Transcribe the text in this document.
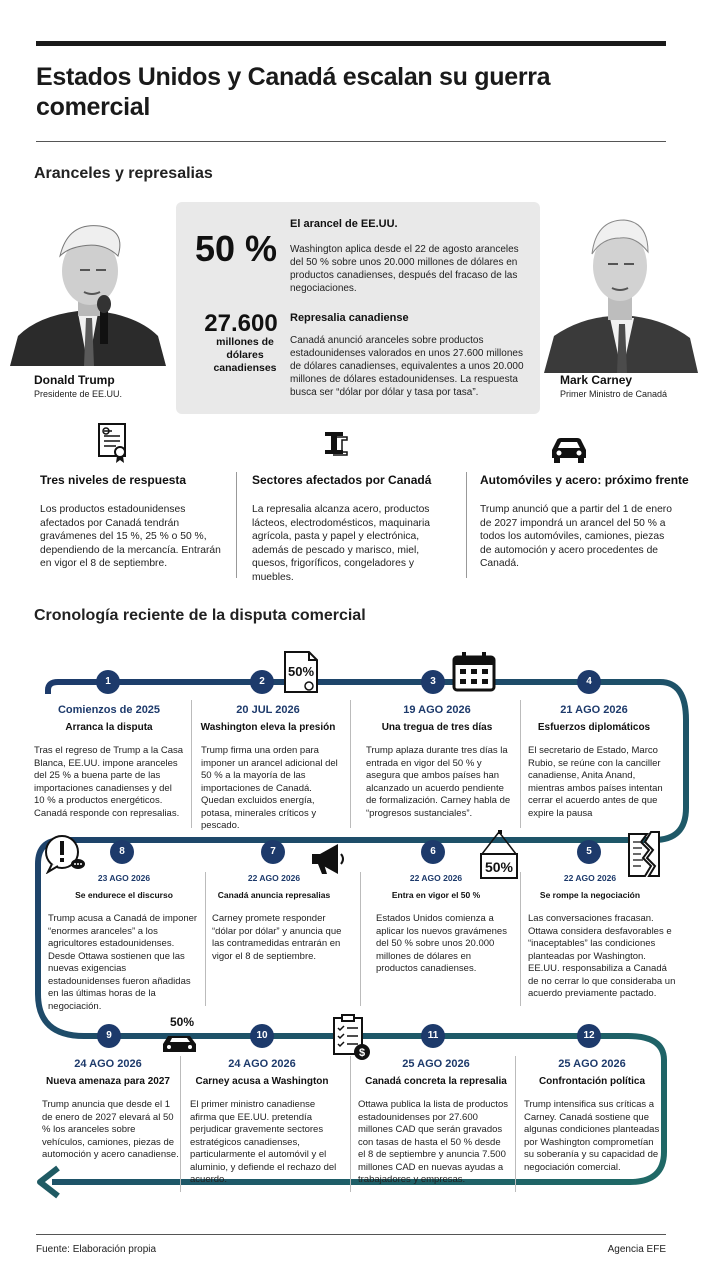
Estados Unidos y Canadá escalan su guerra comercial
Aranceles y represalias
Donald Trump
Presidente de EE.UU.
Mark Carney
Primer Ministro de Canadá
50 %
El arancel de EE.UU.
Washington aplica desde el 22 de agosto aranceles del 50 % sobre unos 20.000 millones de dólares en productos canadienses, después del fracaso de las negociaciones.
27.600
millones de dólares canadienses
Represalia canadiense
Canadá anunció aranceles sobre productos estadounidenses valorados en unos 27.600 millones de dólares canadienses, equivalentes a unos 20.000 millones de dólares estadounidenses. La respuesta busca ser “dólar por dólar y tasa por tasa”.
Tres niveles de respuesta
Los productos estadounidenses afectados por Canadá tendrán gravámenes del 15 %, 25 % o 50 %, dependiendo de la mercancía. Entrarán en vigor el 8 de septiembre.
Sectores afectados por Canadá
La represalia alcanza acero, productos lácteos, electrodomésticos, maquinaria agrícola, pasta y papel y electrónica, además de pescado y marisco, miel, quesos, frigoríficos, congeladores y muebles.
Automóviles y acero: próximo frente
Trump anunció que a partir del 1 de enero de 2027 impondrá un arancel del 50 % a todos los automóviles, camiones, piezas de automoción y acero procedentes de Canadá.
Cronología reciente de la disputa comercial
50%
50%
50%
$
1	2	3	4
5
6
7
8
9	10	11	12
Comienzos de 2025
Arranca la disputa
Tras el regreso de Trump a la Casa Blanca, EE.UU. impone aranceles del 25 % a buena parte de las importaciones canadienses y del 10 % a productos energéticos. Canadá responde con represalias.
20 JUL 2026
Washington eleva la presión
Trump firma una orden para imponer un arancel adicional del 50 % a la mayoría de las importaciones de Canadá. Quedan excluidos energía, potasa, minerales críticos y pescado.
19 AGO 2026
Una tregua de tres días
Trump aplaza durante tres días la entrada en vigor del 50 % y asegura que ambos países han alcanzado un acuerdo pendiente de formalización. Carney habla de “progresos sustanciales”.
21 AGO 2026
Esfuerzos diplomáticos
El secretario de Estado, Marco Rubio, se reúne con la canciller canadiense, Anita Anand, mientras ambos países intentan cerrar el acuerdo antes de que expire la pausa
23 AGO 2026
Se endurece el discurso
Trump acusa a Canadá de imponer “enormes aranceles” a los agricultores estadounidenses. Desde Ottawa sostienen que las nuevas exigencias estadounidenses fueron añadidas en las últimas horas de la negociación.
22 AGO 2026
Canadá anuncia represalias
Carney promete responder “dólar por dólar” y anuncia que las contramedidas entrarán en vigor el 8 de septiembre.
22 AGO 2026
Entra en vigor el 50 %
Estados Unidos comienza a aplicar los nuevos gravámenes del 50 % sobre unos 20.000 millones de dólares en productos canadienses.
22 AGO 2026
Se rompe la negociación
Las conversaciones fracasan. Ottawa considera desfavorables e “inaceptables” las condiciones planteadas por Washington. EE.UU. responsabiliza a Canadá de no cerrar lo que consideraba un acuerdo previamente pactado.
24 AGO 2026
Nueva amenaza para 2027
Trump anuncia que desde el 1 de enero de 2027 elevará al 50 % los aranceles sobre vehículos, camiones, piezas de automoción y acero canadiense.
24 AGO 2026
Carney acusa a Washington
El primer ministro canadiense afirma que EE.UU. pretendía perjudicar gravemente sectores estratégicos canadienses, particularmente el automóvil y el aluminio, y defiende el rechazo del acuerdo.
25 AGO 2026
Canadá concreta la represalia
Ottawa publica la lista de productos estadounidenses por 27.600 millones CAD que serán gravados con tasas de hasta el 50 % desde el 8 de septiembre y anuncia 7.500 millones CAD en nuevas ayudas a trabajadores y empresas.
25 AGO 2026
Confrontación política
Trump intensifica sus críticas a Carney. Canadá sostiene que algunas condiciones planteadas por Washington comprometían su soberanía y su capacidad de negociación comercial.
Fuente: Elaboración propia	Agencia EFE
